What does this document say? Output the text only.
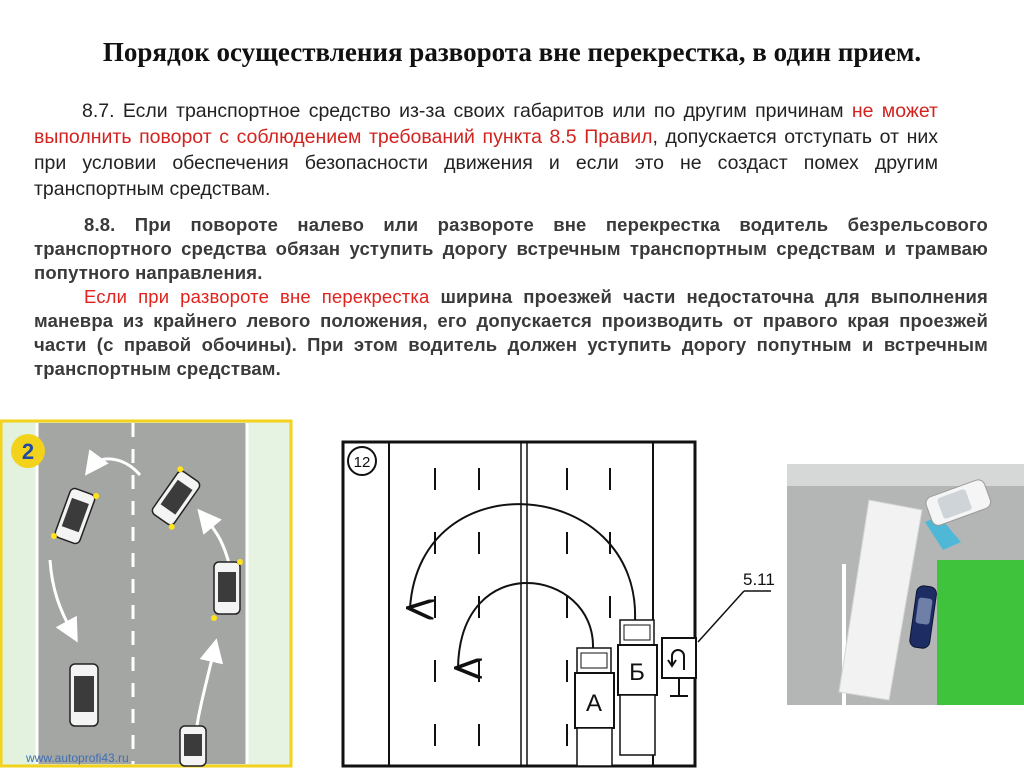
Порядок осуществления разворота вне перекрестка, в один прием.

8.7. Если транспортное средство из-за своих габаритов или по другим причинам не может выполнить поворот с соблюдением требований пункта 8.5 Правил, допускается отступать от них при условии обеспечения безопасности движения и если это не создаст помех другим транспортным средствам.

8.8. При повороте налево или развороте вне перекрестка водитель безрельсового транспортного средства обязан уступить дорогу встречным транспортным средствам и трамваю попутного направления.

Если при развороте вне перекрестка ширина проезжей части недостаточна для выполнения маневра из крайнего левого положения, его допускается производить от правого края проезжей части (с правой обочины). При этом водитель должен уступить дорогу попутным и встречным транспортным средствам.

2
www.autoprofi43.ru
12
Б
А
5.11
